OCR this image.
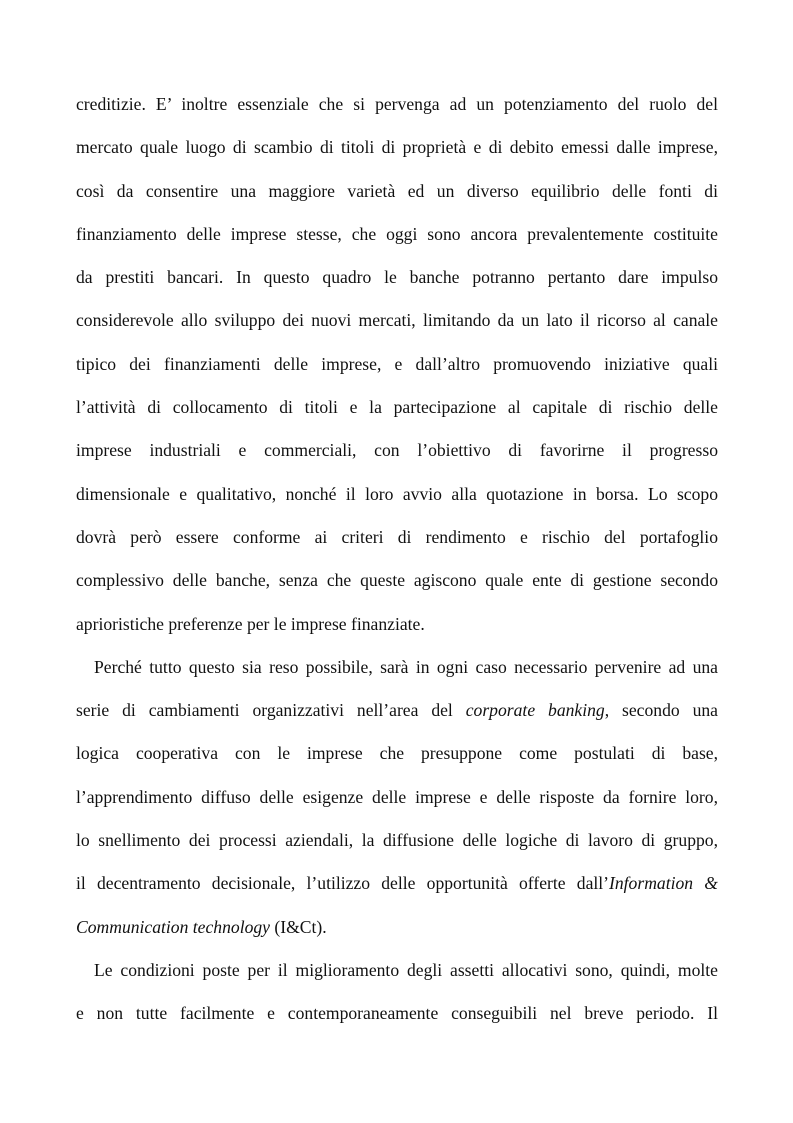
creditizie. E’ inoltre essenziale che si pervenga ad un potenziamento del ruolo del
mercato quale luogo di scambio di titoli di proprietà e di debito emessi dalle imprese,
così da consentire una maggiore varietà ed un diverso equilibrio delle fonti di
finanziamento delle imprese stesse, che oggi sono ancora prevalentemente costituite
da prestiti bancari. In questo quadro le banche potranno pertanto dare impulso
considerevole allo sviluppo dei nuovi mercati, limitando da un lato il ricorso al canale
tipico dei finanziamenti delle imprese, e dall’altro promuovendo iniziative quali
l’attività di collocamento di titoli e la partecipazione al capitale di rischio delle
imprese industriali e commerciali, con l’obiettivo di favorirne il progresso
dimensionale e qualitativo, nonché il loro avvio alla quotazione in borsa. Lo scopo
dovrà però essere conforme ai criteri di rendimento e rischio del portafoglio
complessivo delle banche, senza che queste agiscono quale ente di gestione secondo
aprioristiche preferenze per le imprese finanziate.
Perché tutto questo sia reso possibile, sarà in ogni caso necessario pervenire ad una
serie di cambiamenti organizzativi nell’area del corporate banking, secondo una
logica cooperativa con le imprese che presuppone come postulati di base,
l’apprendimento diffuso delle esigenze delle imprese e delle risposte da fornire loro,
lo snellimento dei processi aziendali, la diffusione delle logiche di lavoro di gruppo,
il decentramento decisionale, l’utilizzo delle opportunità offerte dall’Information &
Communication technology (I&Ct).
Le condizioni poste per il miglioramento degli assetti allocativi sono, quindi, molte
e non tutte facilmente e contemporaneamente conseguibili nel breve periodo. Il
